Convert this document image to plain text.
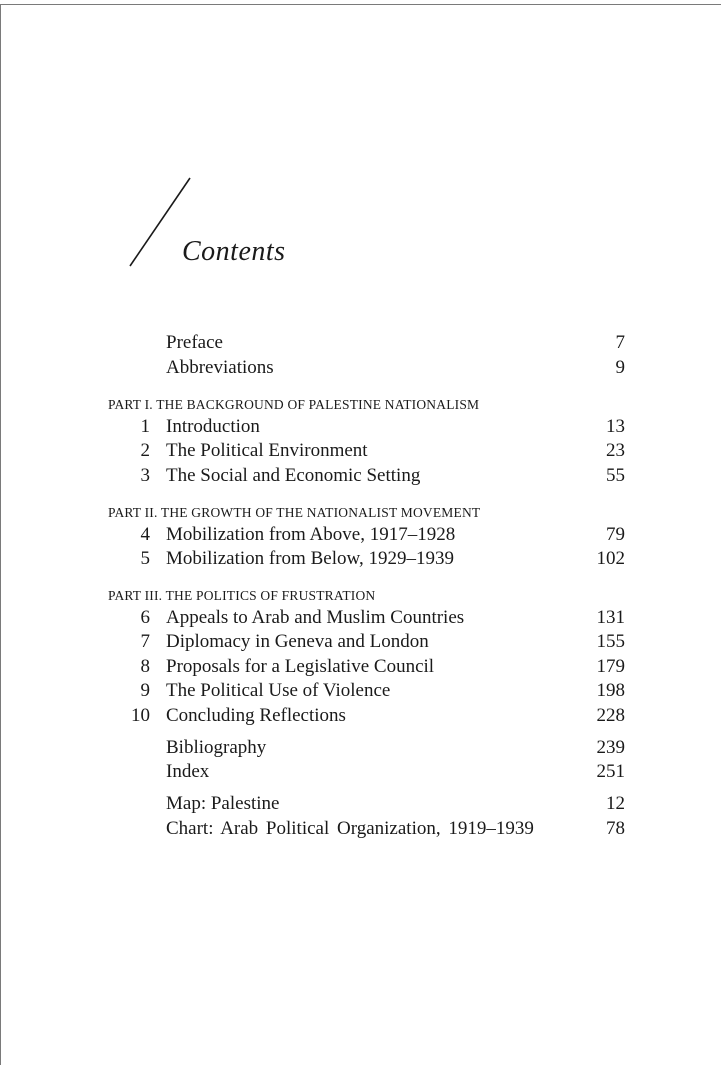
Contents
Preface	7
Abbreviations	9
PART I. THE BACKGROUND OF PALESTINE NATIONALISM
1 Introduction	13
2 The Political Environment	23
3 The Social and Economic Setting	55
PART II. THE GROWTH OF THE NATIONALIST MOVEMENT
4 Mobilization from Above, 1917–1928	79
5 Mobilization from Below, 1929–1939	102
PART III. THE POLITICS OF FRUSTRATION
6 Appeals to Arab and Muslim Countries	131
7 Diplomacy in Geneva and London	155
8 Proposals for a Legislative Council	179
9 The Political Use of Violence	198
10 Concluding Reflections	228
Bibliography	239
Index	251
Map: Palestine	12
Chart: Arab Political Organization, 1919–1939	78
